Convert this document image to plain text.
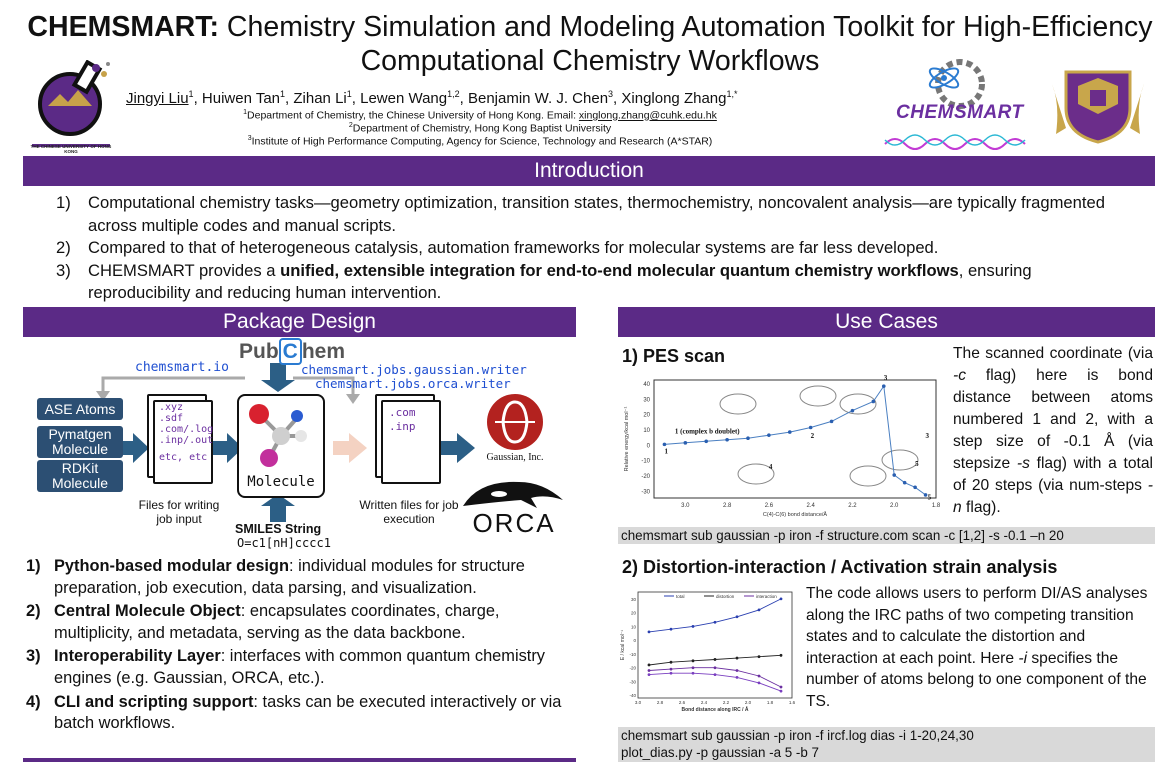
THE CHINESE UNIVERSITY OF HONG KONG
CHEMSMART: Chemistry Simulation and Modeling Automation Toolkit for High-Efficiency Computational Chemistry Workflows
Jingyi Liu$^1$, Huiwen Tan$^1$, Zihan Li$^1$, Lewen Wang$^{1,2}$, Benjamin W. J. Chen$^3$, Xinglong Zhang$^{1,*}$
$^1$Department of Chemistry, the Chinese University of Hong Kong. Email: xinglong.zhang@cuhk.edu.hk
$^2$Department of Chemistry, Hong Kong Baptist University
$^3$Institute of High Performance Computing, Agency for Science, Technology and Research (A*STAR)
CHEMSMART
Introduction

1) Computational chemistry tasks—geometry optimization, transition states, thermochemistry, noncovalent analysis—are typically fragmented across multiple codes and manual scripts.

2) Compared to that of heterogeneous catalysis, automation frameworks for molecular systems are far less developed.

3) CHEMSMART provides a unified, extensible integration for end-to-end molecular quantum chemistry workflows, ensuring reproducibility and reducing human intervention.

Package Design
chemsmart.io
Pub C hem
chemsmart.jobs.gaussian.writer
chemsmart.jobs.orca.writer
ASE Atoms
Pymatgen Molecule
RDKit Molecule
.xyz
.sdf
.com/.log
.inp/.out
etc, etc
Files for writing job input
Molecule
SMILES String
O=c1[nH]cccc1
.com
.inp
Written files for job execution
Gaussian, Inc.
ORCA

1) Python-based modular design: individual modules for structure preparation, job execution, data parsing, and visualization.

2) Central Molecule Object: encapsulates coordinates, charge, multiplicity, and metadata, serving as the data backbone.

3) Interoperability Layer: interfaces with common quantum chemistry engines (e.g. Gaussian, ORCA, etc.).

4) CLI and scripting support: tasks can be executed interactively or via batch workflows.

Use Cases
1) PES scan
40
30
20
10
0
-10
-20
-30
3.0	2.8	2.6	2.4	2.2	2.0	1.8
C(4)-C(6) bond distance/Å
Relative energy/kcal mol⁻¹	1
1 (complex b doublet)
2
3
3
4	5
5
The scanned coordinate (via -c flag) here is bond distance between atoms numbered 1 and 2, with a step size of -0.1 Å (via stepsize -s flag) with a total of 20 steps (via num-steps -n flag).
chemsmart sub gaussian -p iron -f structure.com scan -c [1,2] -s -0.1 –n 20
2) Distortion-interaction / Activation strain analysis
30
20
10
0
-10
-20
-30
-40
3.0	2.8	2.6	2.4	2.2	2.0	1.8	1.6
Bond distance along IRC / Å
E / kcal mol⁻¹
total	distortion	interaction The code allows users to perform DI/AS analyses along the IRC paths of two competing transition states and to calculate the distortion and interaction at each point. Here -i specifies the number of atoms belong to one component of the TS.
chemsmart sub gaussian -p iron -f ircf.log dias -i 1-20,24,30
plot_dias.py -p gaussian -a 5 -b 7
